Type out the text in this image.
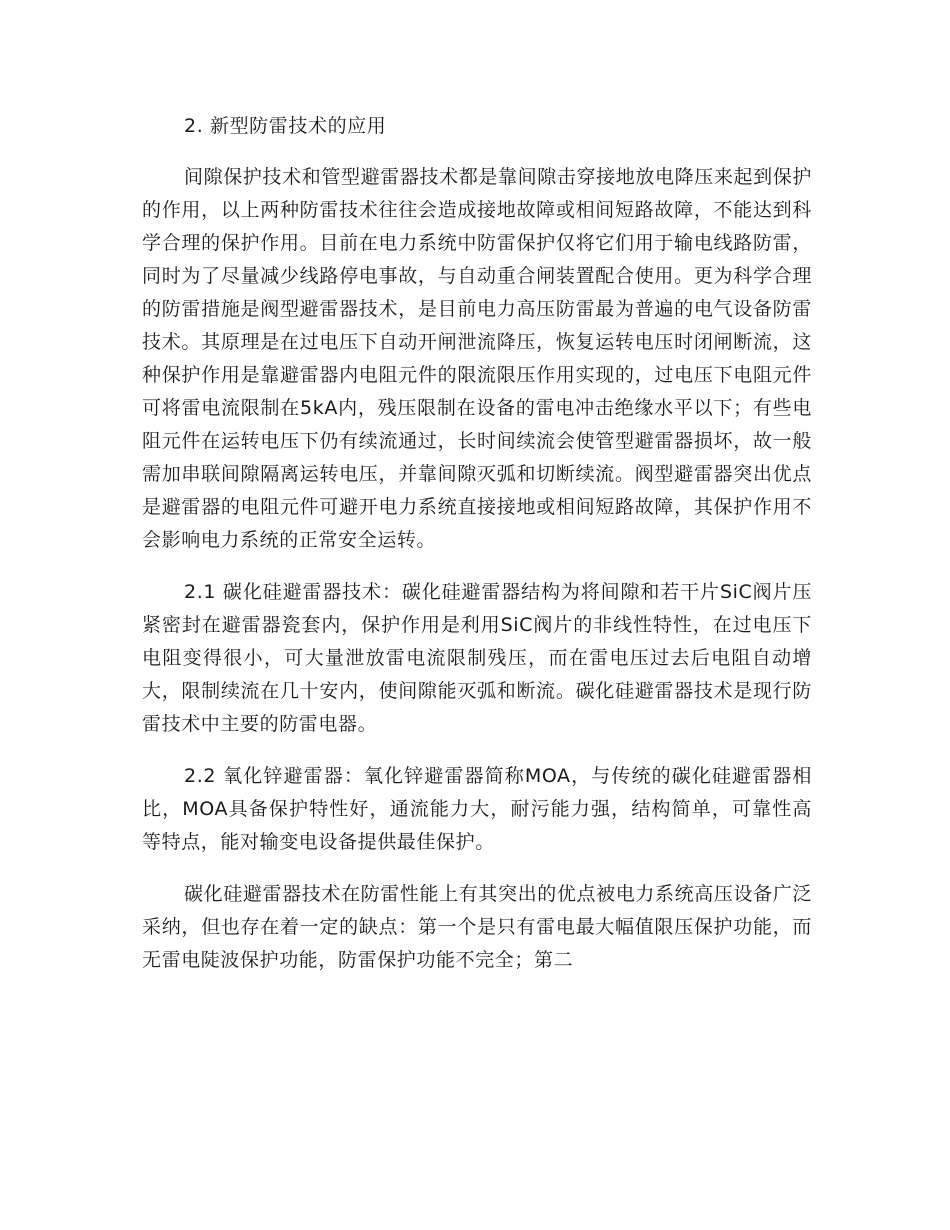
2. 新型防雷技术的应用

间隙保护技术和管型避雷器技术都是靠间隙击穿接地放电降压来起到保护的作用，以上两种防雷技术往往会造成接地故障或相间短路故障，不能达到科学合理的保护作用。目前在电力系统中防雷保护仅将它们用于输电线路防雷，同时为了尽量减少线路停电事故，与自动重合闸装置配合使用。更为科学合理的防雷措施是阀型避雷器技术，是目前电力高压防雷最为普遍的电气设备防雷技术。其原理是在过电压下自动开闸泄流降压，恢复运转电压时闭闸断流，这种保护作用是靠避雷器内电阻元件的限流限压作用实现的，过电压下电阻元件可将雷电流限制在5kA内，残压限制在设备的雷电冲击绝缘水平以下；有些电阻元件在运转电压下仍有续流通过，长时间续流会使管型避雷器损坏，故一般需加串联间隙隔离运转电压，并靠间隙灭弧和切断续流。阀型避雷器突出优点是避雷器的电阻元件可避开电力系统直接接地或相间短路故障，其保护作用不会影响电力系统的正常安全运转。

2.1 碳化硅避雷器技术：碳化硅避雷器结构为将间隙和若干片SiC阀片压紧密封在避雷器瓷套内，保护作用是利用SiC阀片的非线性特性，在过电压下电阻变得很小，可大量泄放雷电流限制残压，而在雷电压过去后电阻自动增大，限制续流在几十安内，使间隙能灭弧和断流。碳化硅避雷器技术是现行防雷技术中主要的防雷电器。

2.2 氧化锌避雷器：氧化锌避雷器简称MOA，与传统的碳化硅避雷器相比，MOA具备保护特性好，通流能力大，耐污能力强，结构简单，可靠性高等特点，能对输变电设备提供最佳保护。

碳化硅避雷器技术在防雷性能上有其突出的优点被电力系统高压设备广泛采纳，但也存在着一定的缺点：第一个是只有雷电最大幅值限压保护功能，而无雷电陡波保护功能，防雷保护功能不完全；第二
